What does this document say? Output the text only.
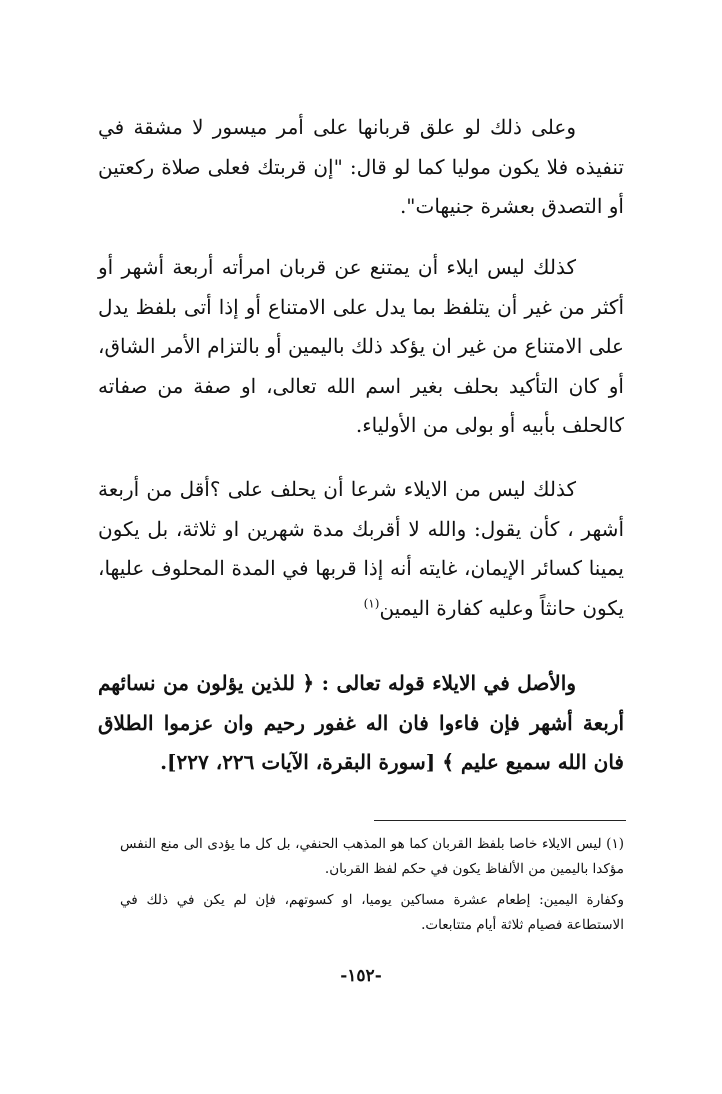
وعلى ذلك لو علق قربانها على أمر ميسور لا مشقة في تنفيذه فلا يكون موليا كما لو قال: "إن قربتك فعلى صلاة ركعتين أو التصدق بعشرة جنيهات".

كذلك ليس ايلاء أن يمتنع عن قربان امرأته أربعة أشهر أو أكثر من غير أن يتلفظ بما يدل على الامتناع أو إذا أتى بلفظ يدل على الامتناع من غير ان يؤكد ذلك باليمين أو بالتزام الأمر الشاق، أو كان التأكيد بحلف بغير اسم الله تعالى، او صفة من صفاته كالحلف بأبيه أو بولى من الأولياء.

كذلك ليس من الايلاء شرعا أن يحلف على ؟أقل من أربعة أشهر ، كأن يقول: والله لا أقربك مدة شهرين او ثلاثة، بل يكون يمينا كسائر الإيمان، غايته أنه إذا قربها في المدة المحلوف عليها، يكون حانثاً وعليه كفارة اليمين$^{(١)}$

والأصل في الايلاء قوله تعالى : ﴿ للذين يؤلون من نسائهم أربعة أشهر فإن فاءوا فان اله غفور رحيم وان عزموا الطلاق فان الله سميع عليم ﴾ [سورة البقرة، الآيات ٢٢٦، ٢٢٧].

(١) ليس الايلاء خاصا بلفظ القربان كما هو المذهب الحنفي، بل كل ما يؤدى الى منع النفس مؤكدا باليمين من الألفاظ يكون في حكم لفظ القربان.

وكفارة اليمين: إطعام عشرة مساكين يوميا، او كسوتهم، فإن لم يكن في ذلك في الاستطاعة فصيام ثلاثة أيام متتابعات.

-١٥٢-
